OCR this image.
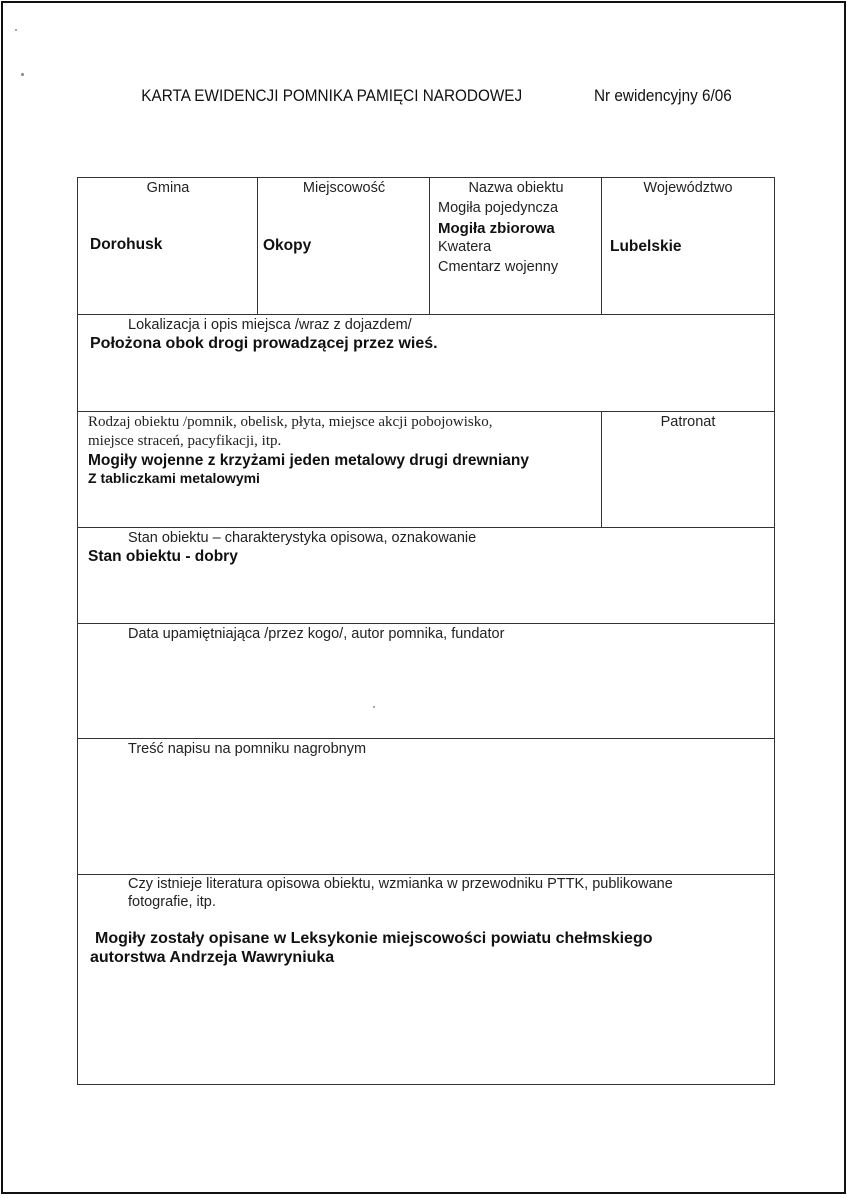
KARTA EWIDENCJI POMNIKA PAMIĘCI NARODOWEJ	Nr ewidencyjny 6/06
Gmina
Dorohusk
Miejscowość
Okopy
Nazwa obiektu
Mogiła pojedyncza
Mogiła zbiorowa
Kwatera
Cmentarz wojenny
Województwo
Lubelskie
Lokalizacja i opis miejsca /wraz z dojazdem/
Położona obok drogi prowadzącej przez wieś.
Rodzaj obiektu /pomnik, obelisk, płyta, miejsce akcji pobojowisko,
miejsce straceń, pacyfikacji, itp.
Mogiły wojenne z krzyżami jeden metalowy drugi drewniany
Z tabliczkami metalowymi
Patronat
Stan obiektu – charakterystyka opisowa, oznakowanie
Stan obiektu - dobry
Data upamiętniająca /przez kogo/, autor pomnika, fundator
Treść napisu na pomniku nagrobnym
Czy istnieje literatura opisowa obiektu, wzmianka w przewodniku PTTK, publikowane
fotografie, itp.
Mogiły zostały opisane w Leksykonie miejscowości powiatu chełmskiego
autorstwa Andrzeja Wawryniuka
